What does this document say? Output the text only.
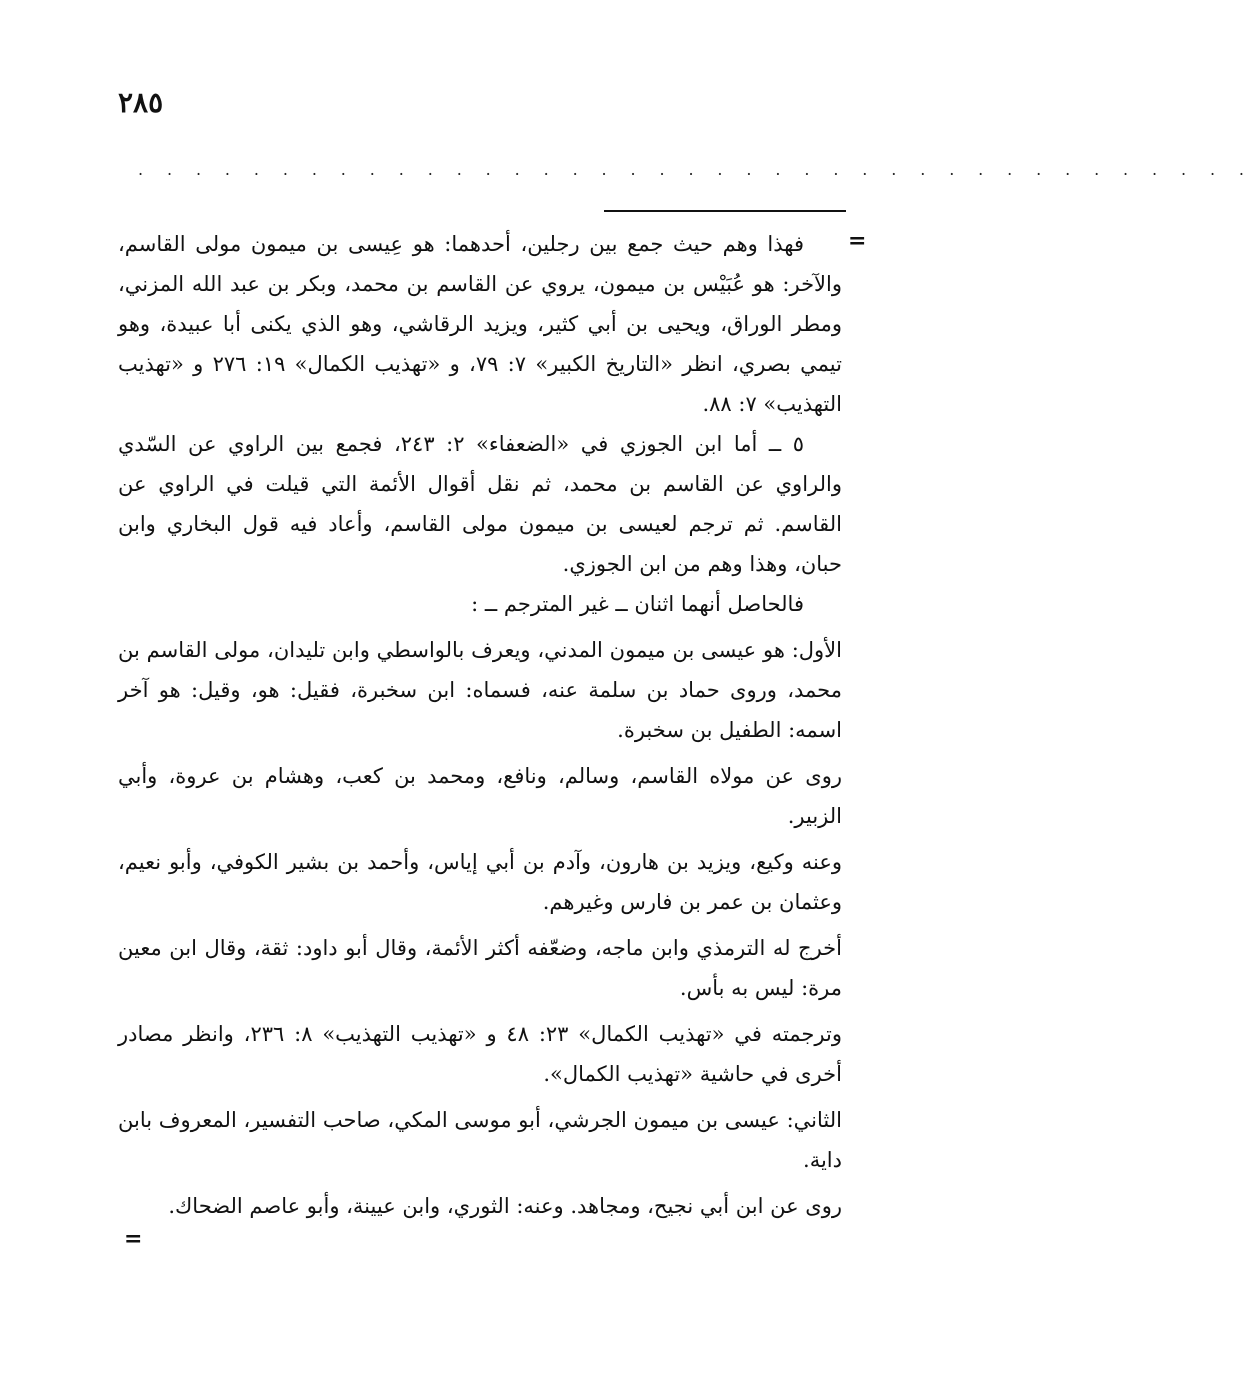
٢٨٥
. . . . . . . . . . . . . . . . . . . . . . . . . . . . . . . . . . . . . . .
=

فهذا وهم حيث جمع بين رجلين، أحدهما: هو عِيسى بن ميمون مولى القاسم، والآخر: هو عُبَيْس بن ميمون، يروي عن القاسم بن محمد، وبكر بن عبد الله المزني، ومطر الوراق، ويحيى بن أبي كثير، ويزيد الرقاشي، وهو الذي يكنى أبا عبيدة، وهو تيمي بصري، انظر «التاريخ الكبير» ٧: ٧٩، و «تهذيب الكمال» ١٩: ٢٧٦ و «تهذيب التهذيب» ٧: ٨٨.

٥ ــ أما ابن الجوزي في «الضعفاء» ٢: ٢٤٣، فجمع بين الراوي عن السّدي والراوي عن القاسم بن محمد، ثم نقل أقوال الأئمة التي قيلت في الراوي عن القاسم. ثم ترجم لعيسى بن ميمون مولى القاسم، وأعاد فيه قول البخاري وابن حبان، وهذا وهم من ابن الجوزي.

فالحاصل أنهما اثنان ــ غير المترجم ــ :

الأول: هو عيسى بن ميمون المدني، ويعرف بالواسطي وابن تليدان، مولى القاسم بن محمد، وروى حماد بن سلمة عنه، فسماه: ابن سخبرة، فقيل: هو، وقيل: هو آخر اسمه: الطفيل بن سخبرة.

روى عن مولاه القاسم، وسالم، ونافع، ومحمد بن كعب، وهشام بن عروة، وأبي الزبير.

وعنه وكيع، ويزيد بن هارون، وآدم بن أبي إياس، وأحمد بن بشير الكوفي، وأبو نعيم، وعثمان بن عمر بن فارس وغيرهم.

أخرج له الترمذي وابن ماجه، وضعّفه أكثر الأئمة، وقال أبو داود: ثقة، وقال ابن معين مرة: ليس به بأس.

وترجمته في «تهذيب الكمال» ٢٣: ٤٨ و «تهذيب التهذيب» ٨: ٢٣٦، وانظر مصادر أخرى في حاشية «تهذيب الكمال».

الثاني: عيسى بن ميمون الجرشي، أبو موسى المكي، صاحب التفسير، المعروف بابن داية.

روى عن ابن أبي نجيح، ومجاهد. وعنه: الثوري، وابن عيينة، وأبو عاصم الضحاك.

=
